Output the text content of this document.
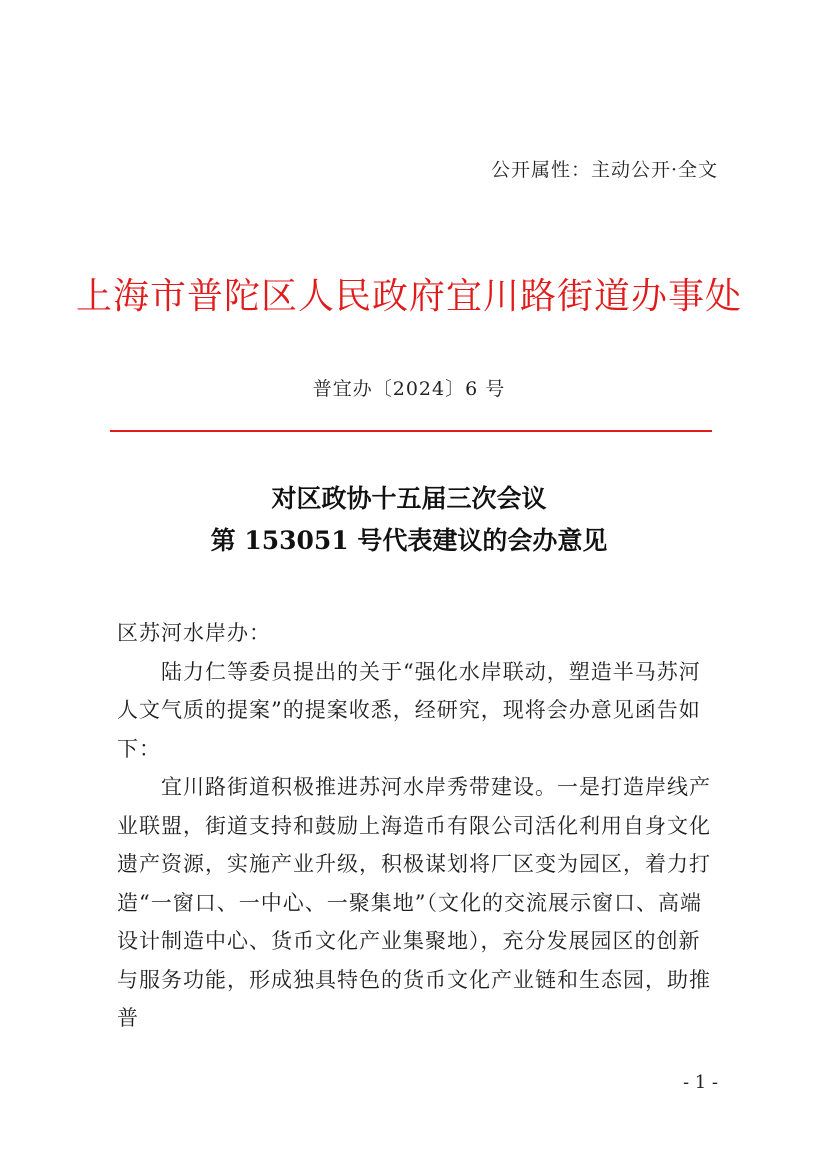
公开属性：主动公开·全文
上海市普陀区人民政府宜川路街道办事处
普宜办〔2024〕6 号
对区政协十五届三次会议
第 153051 号代表建议的会办意见

区苏河水岸办：

陆力仁等委员提出的关于“强化水岸联动，塑造半马苏河人文气质的提案”的提案收悉，经研究，现将会办意见函告如下：

宜川路街道积极推进苏河水岸秀带建设。一是打造岸线产业联盟，街道支持和鼓励上海造币有限公司活化利用自身文化遗产资源，实施产业升级，积极谋划将厂区变为园区，着力打造“一窗口、一中心、一聚集地”（文化的交流展示窗口、高端设计制造中心、货币文化产业集聚地），充分发展园区的创新与服务功能，形成独具特色的货币文化产业链和生态园，助推普

- 1 -
